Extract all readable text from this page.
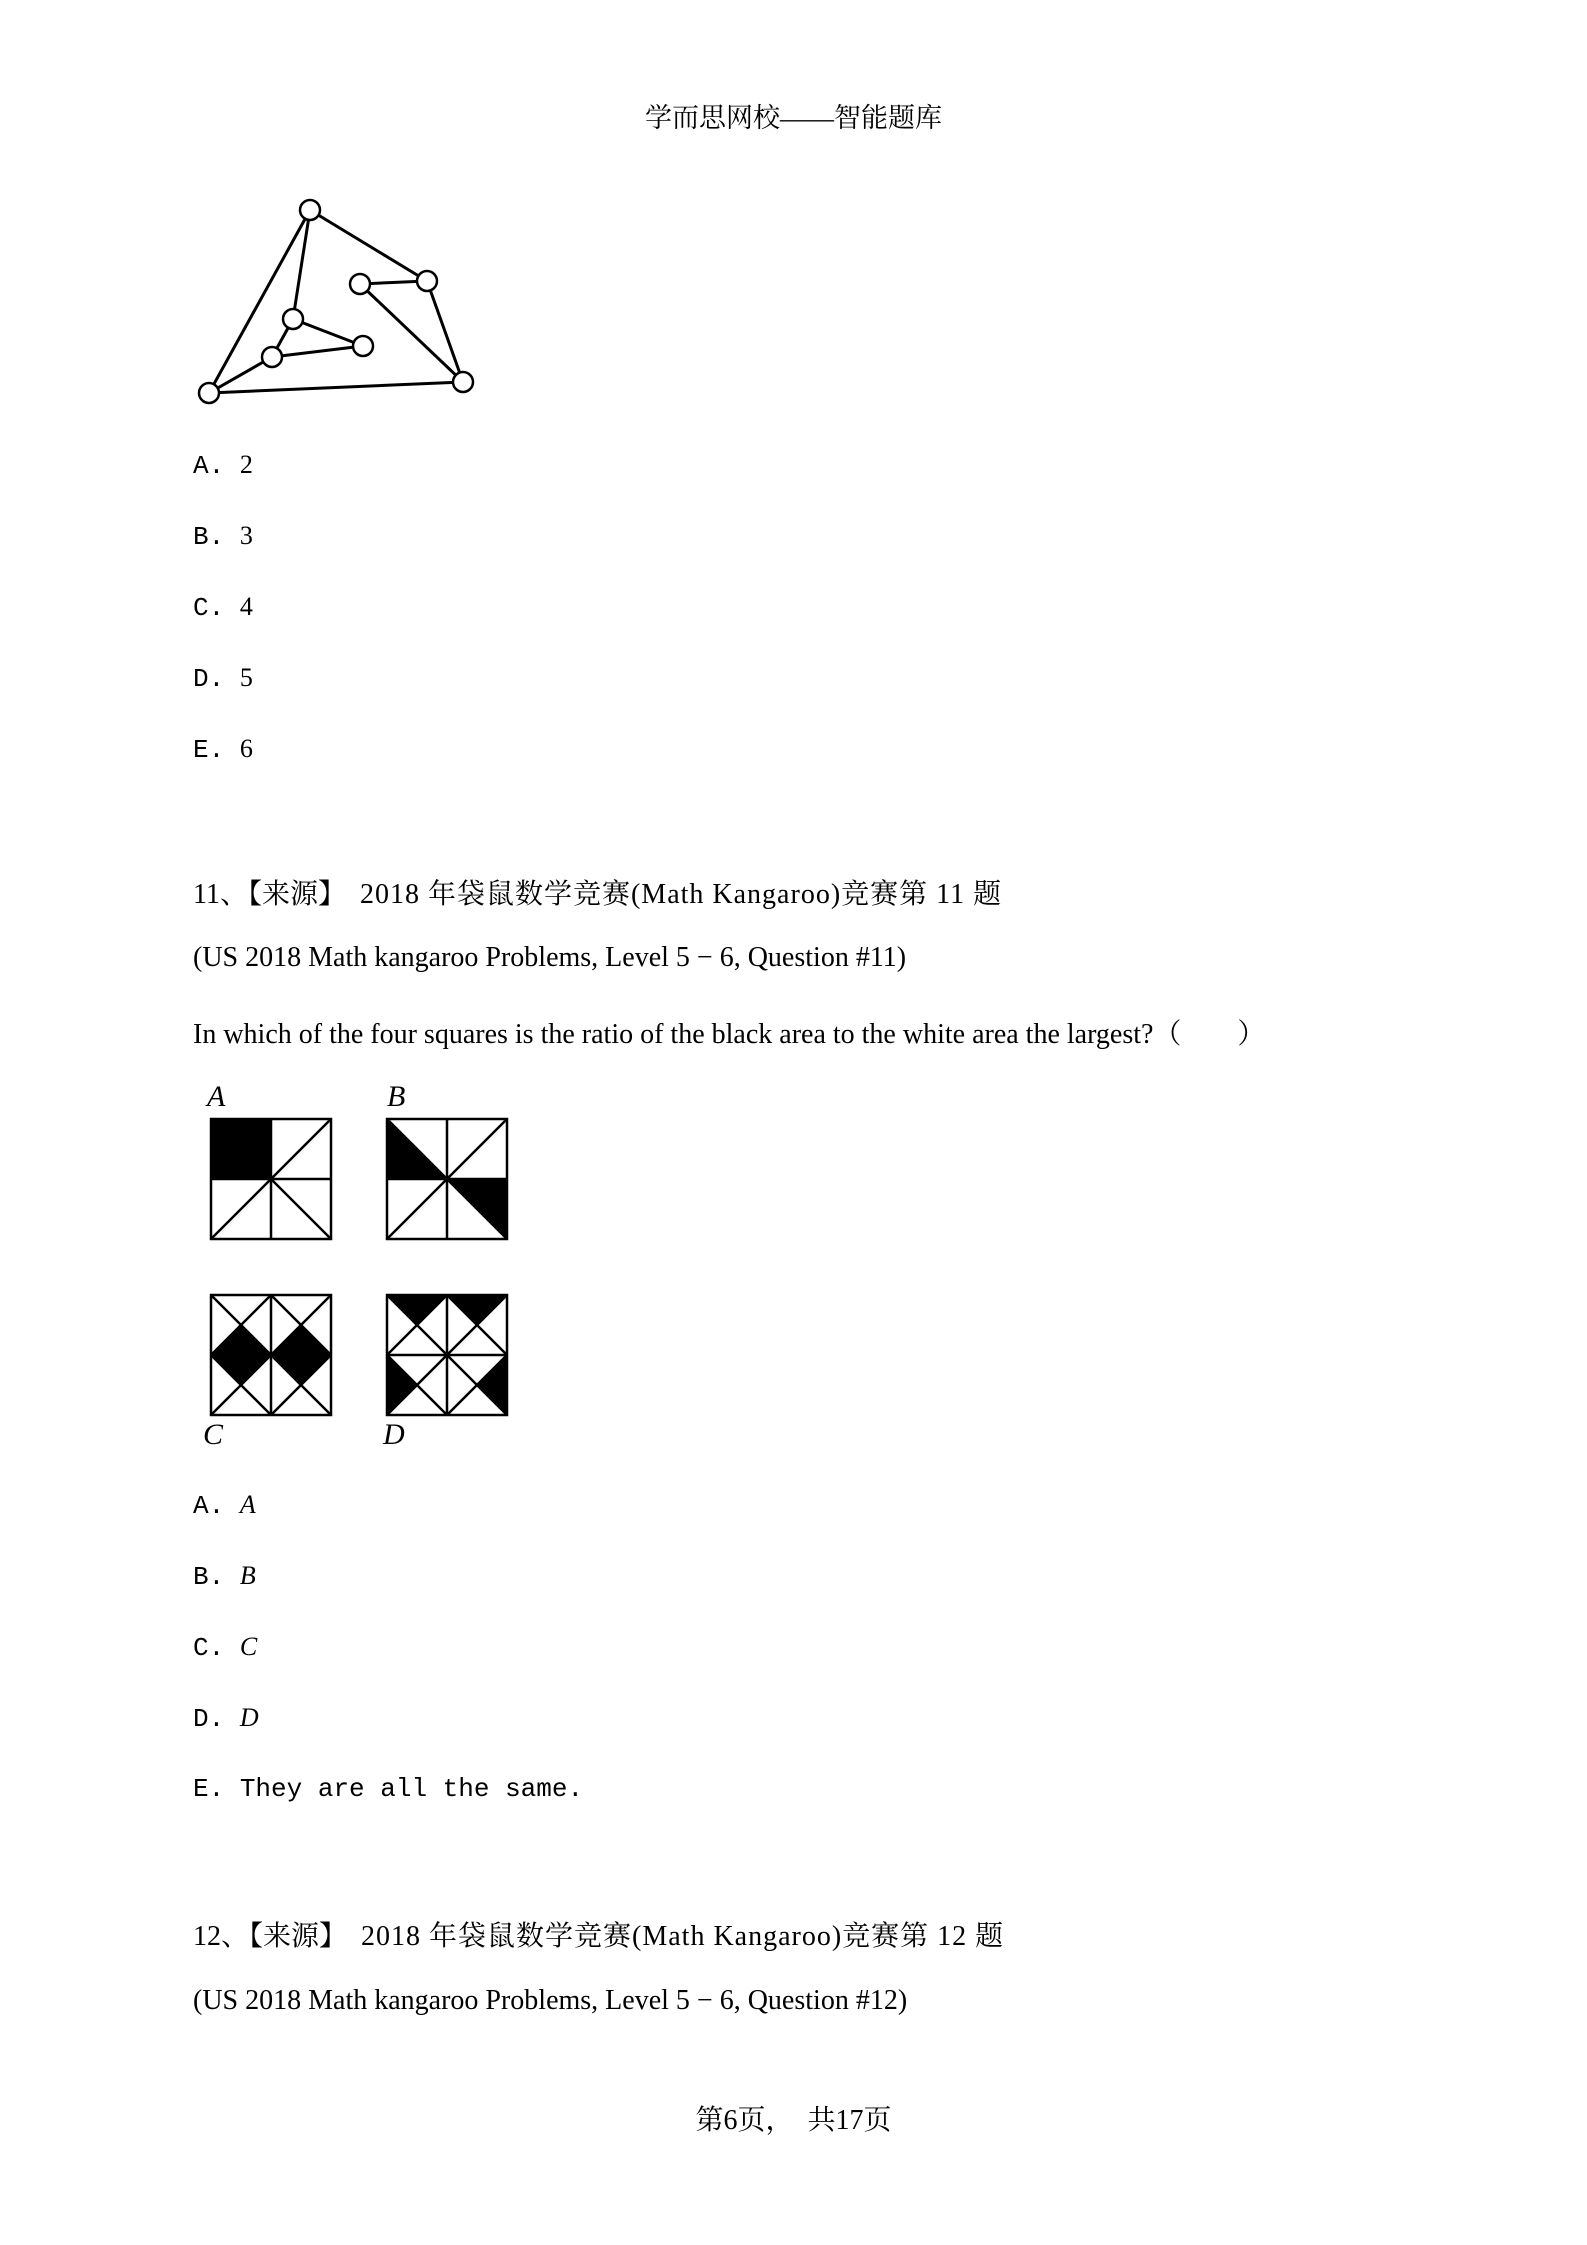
学而思网校——智能题库
A. 2
B. 3
C. 4
D. 5
E. 6
11、【来源】 2018 年袋鼠数学竞赛(Math Kangaroo)竞赛第 11 题
(US 2018 Math kangaroo Problems, Level 5 − 6, Question #11)
In which of the four squares is the ratio of the black area to the white area the largest?（　　）
A	B
C	D
A. A
B. B
C. C
D. D
E. They are all the same.
12、【来源】 2018 年袋鼠数学竞赛(Math Kangaroo)竞赛第 12 题
(US 2018 Math kangaroo Problems, Level 5 − 6, Question #12)
第6页，　共17页
